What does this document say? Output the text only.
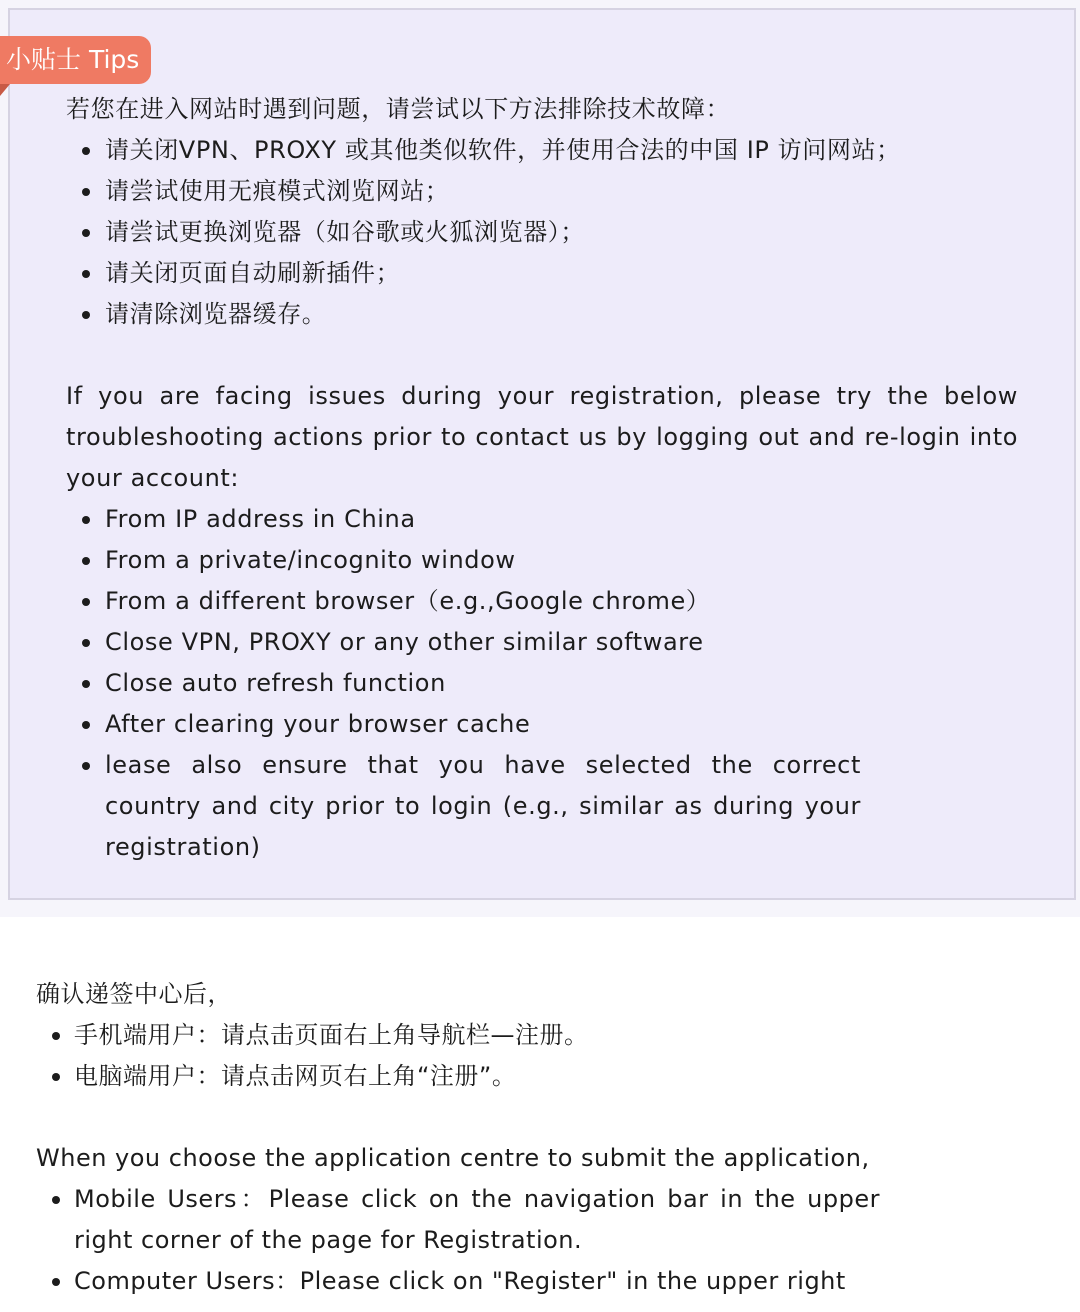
小贴士 Tips

若您在进入网站时遇到问题，请尝试以下方法排除技术故障：

请关闭VPN、PROXY 或其他类似软件，并使用合法的中国 IP 访问网站；
请尝试使用无痕模式浏览网站；
请尝试更换浏览器（如谷歌或火狐浏览器）；
请关闭页面自动刷新插件；
请清除浏览器缓存。

If you are facing issues during your registration, please try the below troubleshooting actions prior to contact us by logging out and re-login into your account:

From IP address in China
From a private/incognito window
From a different browser（e.g.,Google chrome）
Close VPN, PROXY or any other similar software
Close auto refresh function
After clearing your browser cache
lease also ensure that you have selected the correct country and city prior to login (e.g., similar as during your registration)

确认递签中心后，

手机端用户：请点击页面右上角导航栏—注册。
电脑端用户：请点击网页右上角“注册”。

When you choose the application centre to submit the application,

Mobile Users：Please click on the navigation bar in the upper right corner of the page for Registration.
Computer Users：Please click on "Register" in the upper right
